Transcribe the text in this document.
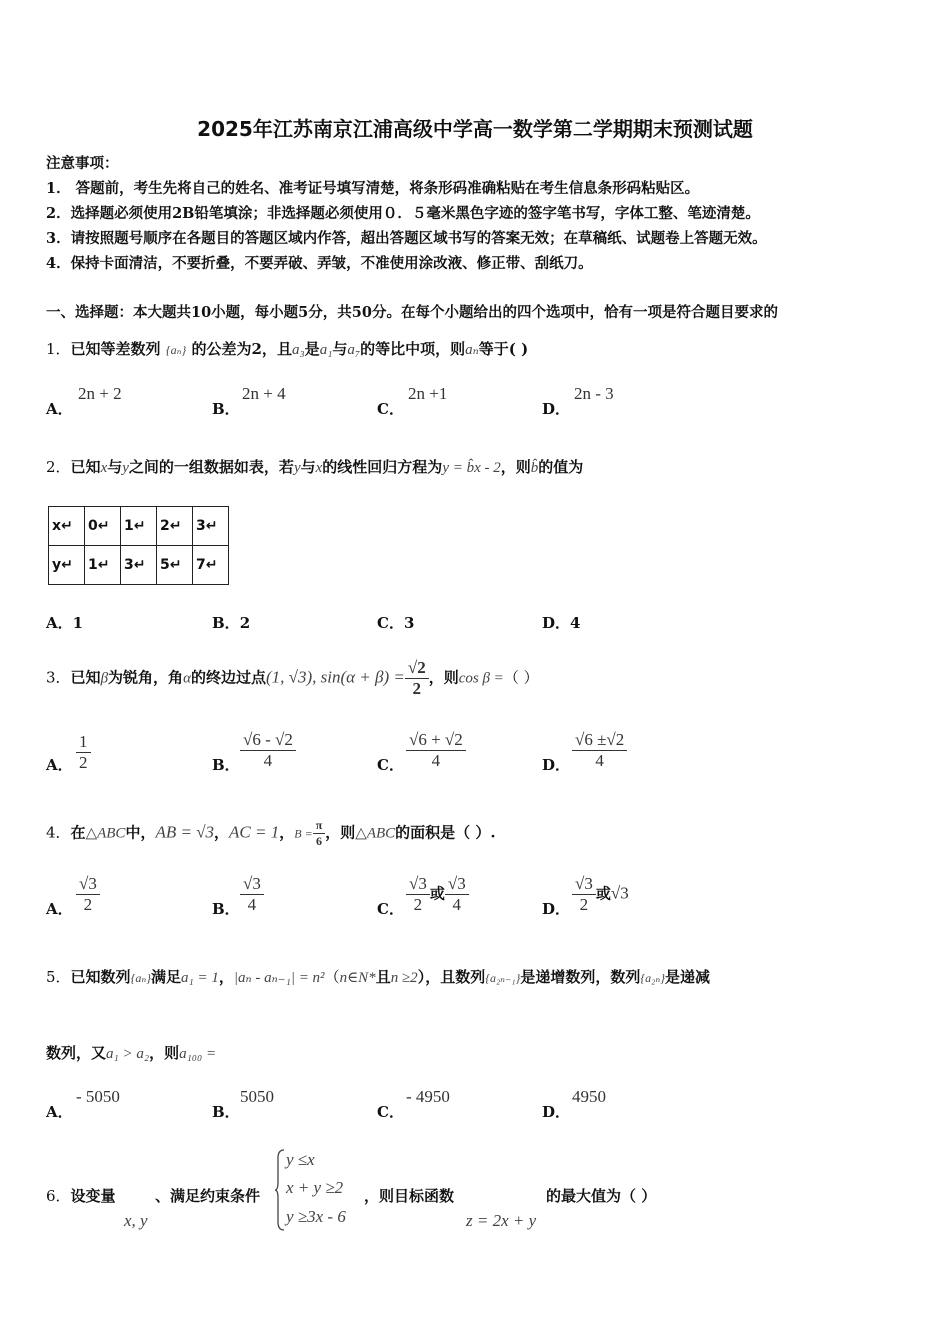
2025年江苏南京江浦高级中学高一数学第二学期期末预测试题
注意事项：
1． 答题前，考生先将自己的姓名、准考证号填写清楚，将条形码准确粘贴在考生信息条形码粘贴区。
2．选择题必须使用2B铅笔填涂；非选择题必须使用０．５毫米黑色字迹的签字笔书写，字体工整、笔迹清楚。
3．请按照题号顺序在各题目的答题区域内作答，超出答题区域书写的答案无效；在草稿纸、试题卷上答题无效。
4．保持卡面清洁，不要折叠，不要弄破、弄皱，不准使用涂改液、修正带、刮纸刀。
一、选择题：本大题共10小题，每小题5分，共50分。在每个小题给出的四个选项中，恰有一项是符合题目要求的
1．已知等差数列 {aₙ} 的公差为2，且a₃是a₁与a₇的等比中项，则aₙ等于( )
A．
2n + 2
B．
2n + 4
C．
2n +1
D．
2n - 3
2．已知x与y之间的一组数据如表，若y与x的线性回归方程为y = b̂x - 2，则b̂的值为
x↵	0↵	1↵	2↵	3↵
y↵	1↵	3↵	5↵	7↵
A．1	B．2	C．3	D．4
3．已知β为锐角，角α的终边过点(1, √3), $\sin(\alpha + \beta) = \frac{√2}{2}$ ，则cos β =（ ）
A． $\frac{1}{2}$	B． $\frac{√6 - √2}{4}$	C． $\frac{√6 + √2}{4}$	D． $\frac{√6 \pm√2}{4}$
4．在△ABC中，AB = √3，AC = 1，$B = \frac{\pi}{6}$ ，则△ABC的面积是（ ）.
A． $\frac{√3}{2}$	B． $\frac{√3}{4}$	C． $\frac{√3}{2}$ 或 $\frac{√3}{4}$	D． $\frac{√3}{2}$ 或√3
5．已知数列{aₙ}满足a₁ = 1，|aₙ - aₙ₋₁| = n²（n∈N*且n ≥2），且数列{a₂ₙ₋₁}是递增数列，数列{a₂ₙ}是递减
数列，又a₁ > a₂，则a₁₀₀ =
A．
- 5050
B．
5050
C．
- 4950
D．
4950
6．设变量	、满足约束条件
x, y
y ≤x
x + y ≥2
y ≥3x - 6
，则目标函数
z = 2x + y
的最大值为（ ）
